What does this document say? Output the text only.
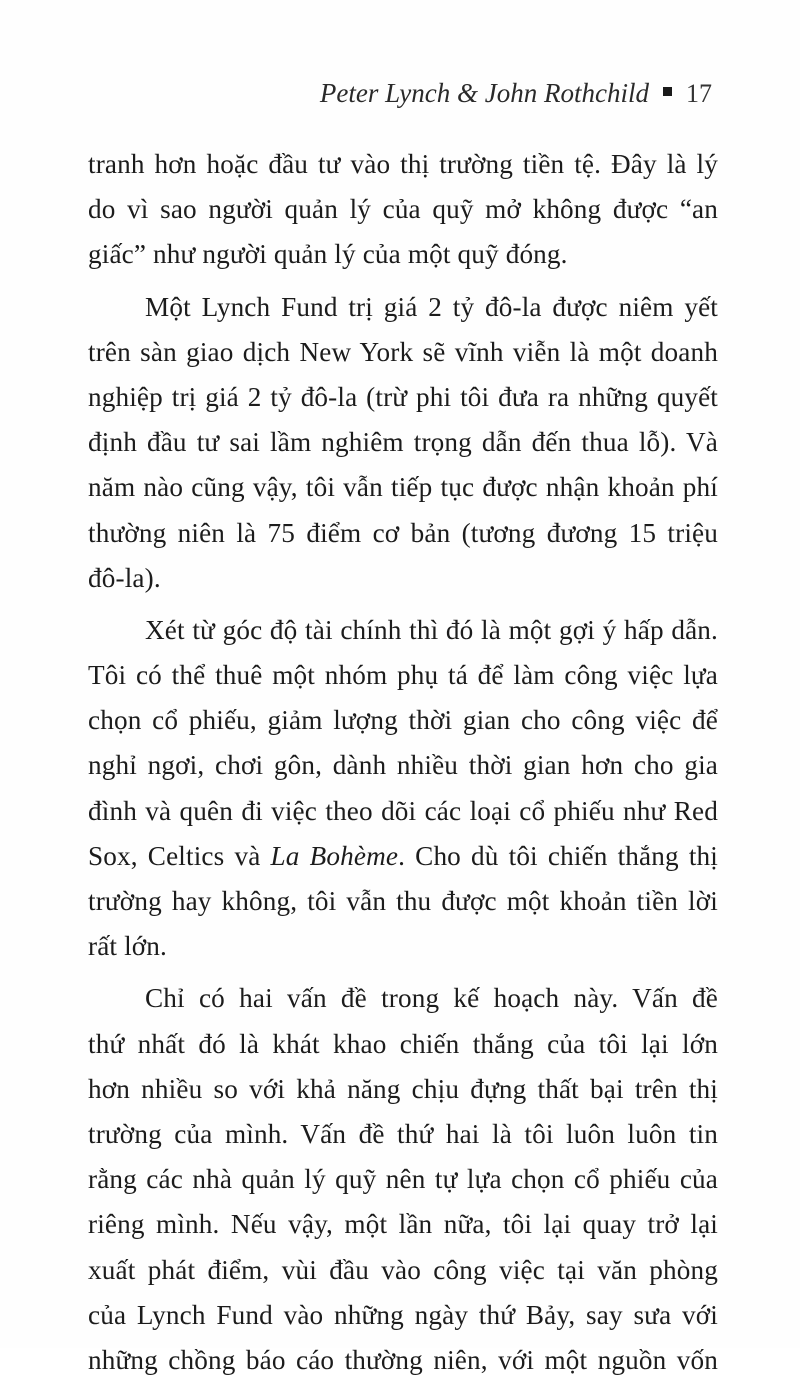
Peter Lynch & John Rothchild 17
tranh hơn hoặc đầu tư vào thị trường tiền tệ. Đây là lý
do vì sao người quản lý của quỹ mở không được “an
giấc” như người quản lý của một quỹ đóng.
Một Lynch Fund trị giá 2 tỷ đô-la được niêm yết
trên sàn giao dịch New York sẽ vĩnh viễn là một doanh
nghiệp trị giá 2 tỷ đô-la (trừ phi tôi đưa ra những quyết
định đầu tư sai lầm nghiêm trọng dẫn đến thua lỗ). Và
năm nào cũng vậy, tôi vẫn tiếp tục được nhận khoản phí
thường niên là 75 điểm cơ bản (tương đương 15 triệu
đô-la).
Xét từ góc độ tài chính thì đó là một gợi ý hấp dẫn.
Tôi có thể thuê một nhóm phụ tá để làm công việc lựa
chọn cổ phiếu, giảm lượng thời gian cho công việc để
nghỉ ngơi, chơi gôn, dành nhiều thời gian hơn cho gia
đình và quên đi việc theo dõi các loại cổ phiếu như Red
Sox, Celtics và La Bohème. Cho dù tôi chiến thắng thị
trường hay không, tôi vẫn thu được một khoản tiền lời
rất lớn.
Chỉ có hai vấn đề trong kế hoạch này. Vấn đề
thứ nhất đó là khát khao chiến thắng của tôi lại lớn
hơn nhiều so với khả năng chịu đựng thất bại trên thị
trường của mình. Vấn đề thứ hai là tôi luôn luôn tin
rằng các nhà quản lý quỹ nên tự lựa chọn cổ phiếu của
riêng mình. Nếu vậy, một lần nữa, tôi lại quay trở lại
xuất phát điểm, vùi đầu vào công việc tại văn phòng
của Lynch Fund vào những ngày thứ Bảy, say sưa với
những chồng báo cáo thường niên, với một nguồn vốn
